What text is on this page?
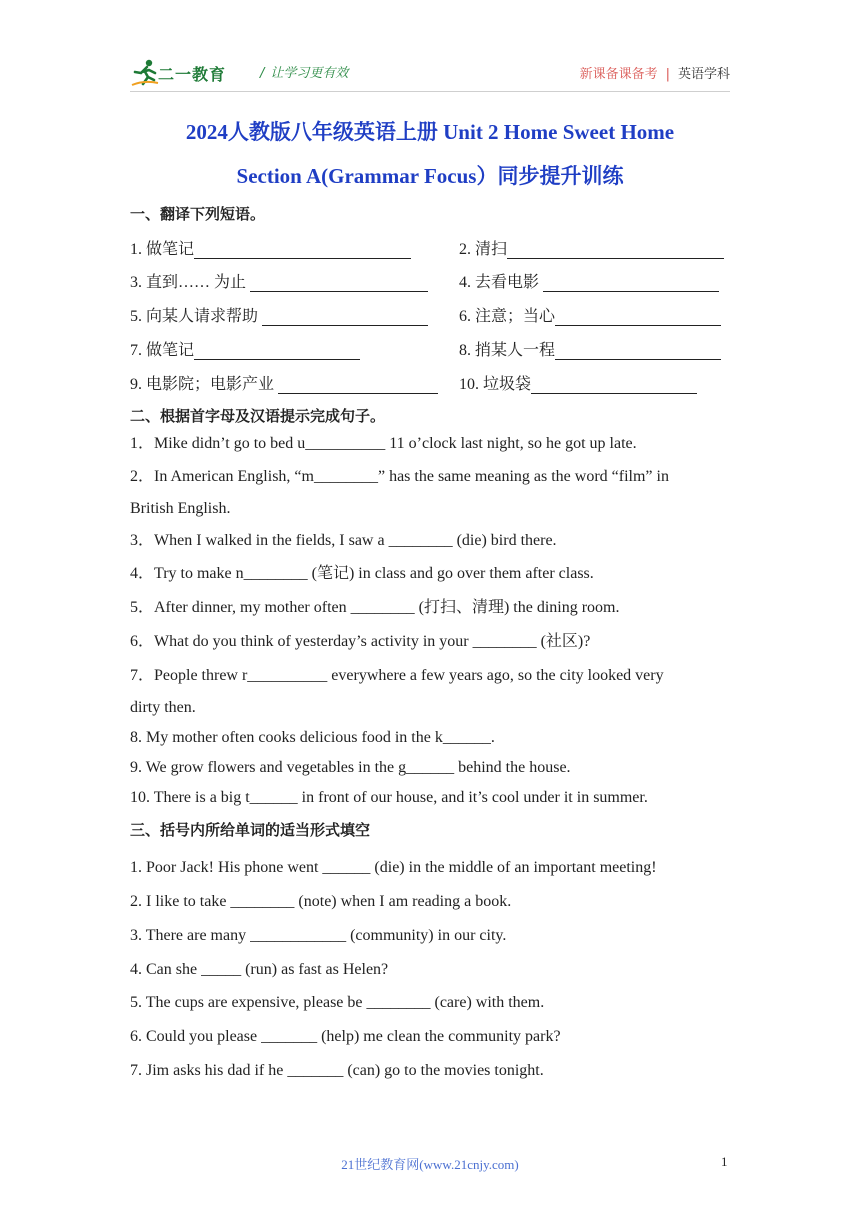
二一教育	/ 让学习更有效	新课备课备考 | 英语学科
2024人教版八年级英语上册 Unit 2 Home Sweet Home
Section A(Grammar Focus）同步提升训练
一、翻译下列短语。
1. 做笔记	2. 清扫
3. 直到…… 为止	4. 去看电影
5. 向某人请求帮助	6. 注意；当心
7. 做笔记	8. 捎某人一程
9. 电影院；电影产业	10. 垃圾袋
二、根据首字母及汉语提示完成句子。
1．Mike didn’t go to bed u__________ 11 o’clock last night, so he got up late.
2．In American English, “m________” has the same meaning as the word “film” in
British English.
3．When I walked in the fields, I saw a ________ (die) bird there.
4．Try to make n________ (笔记) in class and go over them after class.
5．After dinner, my mother often ________ (打扫、清理) the dining room.
6．What do you think of yesterday’s activity in your ________ (社区)?
7．People threw r__________ everywhere a few years ago, so the city looked very
dirty then.
8. My mother often cooks delicious food in the k______.
9. We grow flowers and vegetables in the g______ behind the house.
10. There is a big t______ in front of our house, and it’s cool under it in summer.
三、括号内所给单词的适当形式填空
1. Poor Jack! His phone went ______ (die) in the middle of an important meeting!
2. I like to take ________ (note) when I am reading a book.
3. There are many ____________ (community) in our city.
4. Can she _____ (run) as fast as Helen?
5. The cups are expensive, please be ________ (care) with them.
6. Could you please _______ (help) me clean the community park?
7. Jim asks his dad if he _______ (can) go to the movies tonight.
21世纪教育网(www.21cnjy.com)	1
